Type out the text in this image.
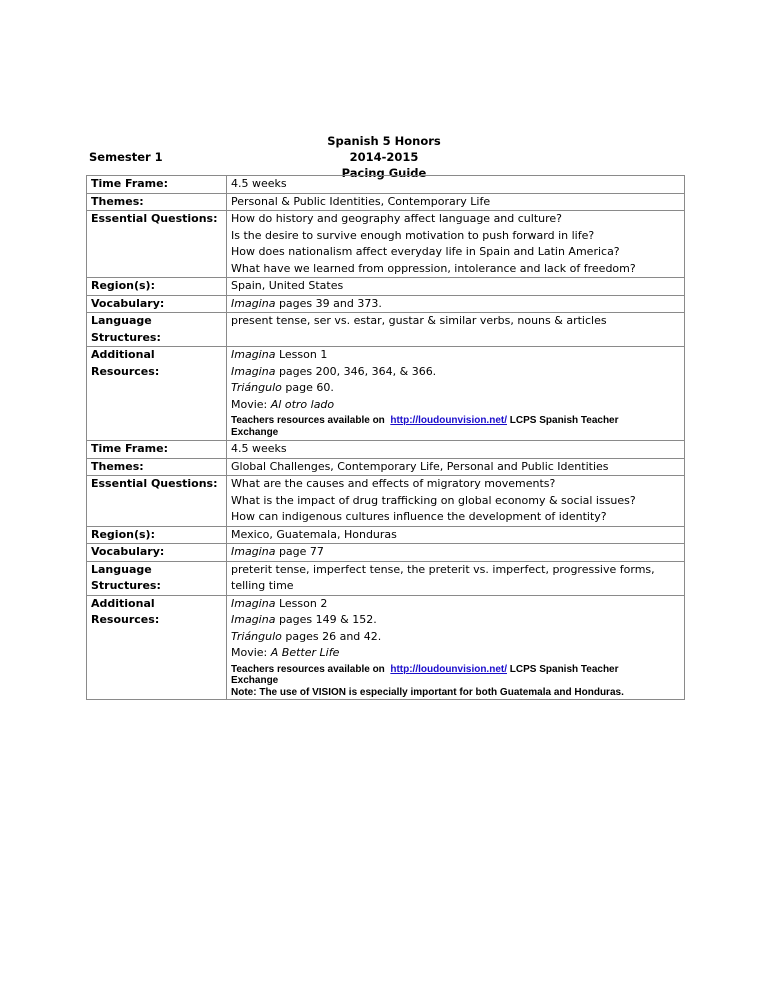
Spanish 5 Honors
2014-2015
Pacing Guide
Semester 1
Time Frame:	4.5 weeks
Themes:	Personal & Public Identities, Contemporary Life
Essential Questions:	How do history and geography affect language and culture?
Is the desire to survive enough motivation to push forward in life?
How does nationalism affect everyday life in Spain and Latin America?
What have we learned from oppression, intolerance and lack of freedom?

Region(s):	Spain, United States
Vocabulary:	Imagina pages 39 and 373.
Language Structures:	present tense, ser vs. estar, gustar & similar verbs, nouns & articles

Additional Resources:	
Imagina Lesson 1
Imagina pages 200, 346, 364, & 366.
Triángulo page 60.
Movie: Al otro lado
Teachers resources available on  http://loudounvision.net/ LCPS Spanish Teacher
Exchange
Time Frame:	4.5 weeks
Themes:	Global Challenges, Contemporary Life, Personal and Public Identities
Essential Questions:	What are the causes and effects of migratory movements?
What is the impact of drug trafficking on global economy & social issues?
How can indigenous cultures influence the development of identity?

Region(s):	Mexico, Guatemala, Honduras
Vocabulary:	Imagina page 77
Language Structures:	preterit tense, imperfect tense, the preterit vs. imperfect, progressive forms,
telling time

Additional Resources:	
Imagina Lesson 2
Imagina pages 149 & 152.
Triángulo pages 26 and 42.
Movie: A Better Life
Teachers resources available on  http://loudounvision.net/ LCPS Spanish Teacher
Exchange
Note: The use of VISION is especially important for both Guatemala and Honduras.
